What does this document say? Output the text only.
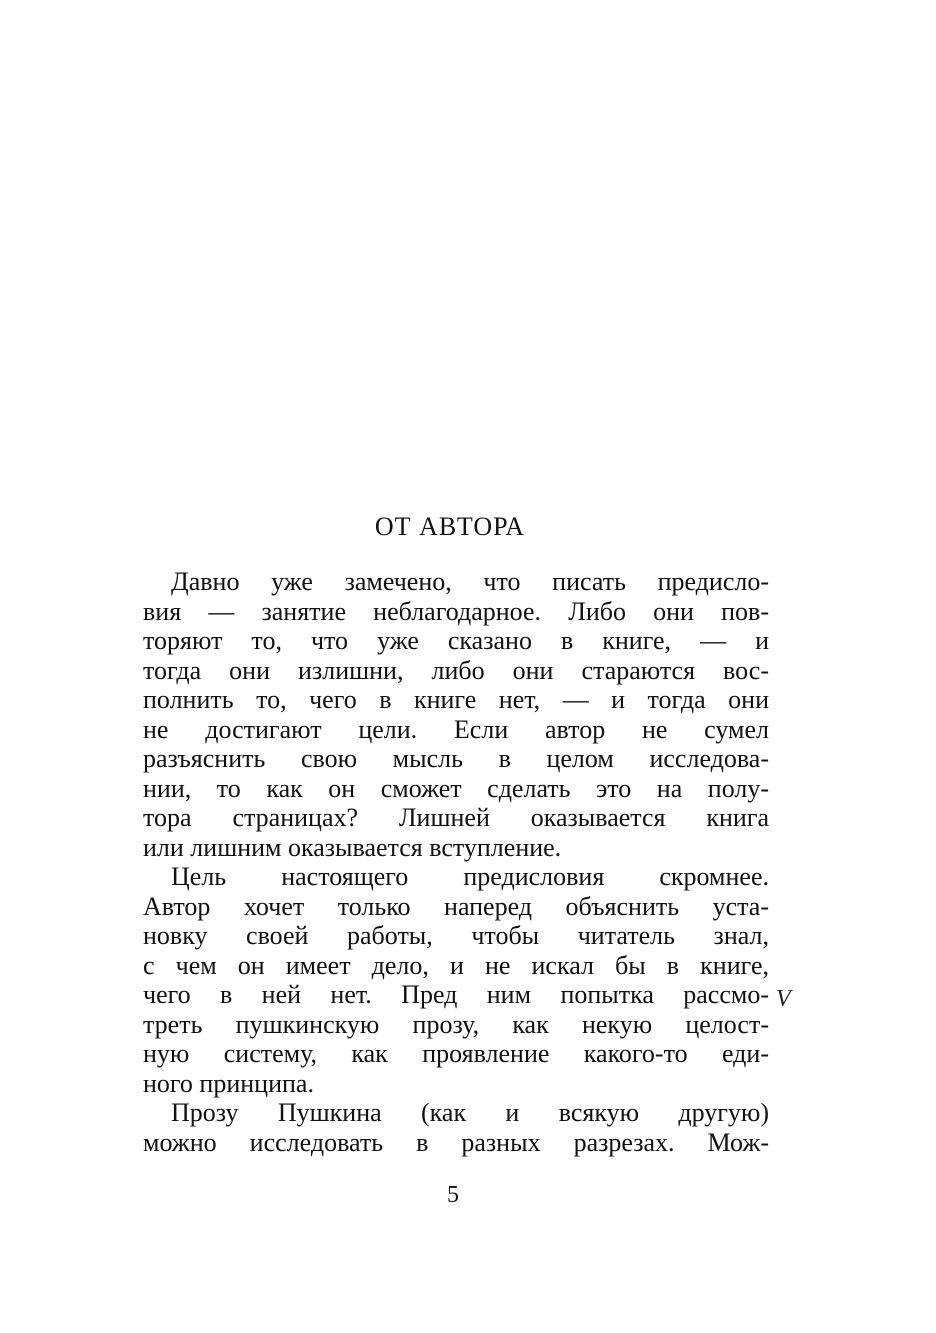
ОТ АВТОРА

Давно уже замечено, что писать предисло-
вия — занятие неблагодарное. Либо они пов-
торяют то, что уже сказано в книге, — и
тогда они излишни, либо они стараются вос-
полнить то, чего в книге нет, — и тогда они
не достигают цели. Если автор не сумел
разъяснить свою мысль в целом исследова-
нии, то как он сможет сделать это на полу-
тора страницах? Лишней оказывается книга
или лишним оказывается вступление.

Цель настоящего предисловия скромнее.
Автор хочет только наперед объяснить уста-
новку своей работы, чтобы читатель знал,
с чем он имеет дело, и не искал бы в книге,
чего в ней нет. Пред ним попытка рассмо-
треть пушкинскую прозу, как некую целост-
ную систему, как проявление какого-то еди-
ного принципа.

Прозу Пушкина (как и всякую другую)
можно исследовать в разных разрезах. Мож-

V
5
